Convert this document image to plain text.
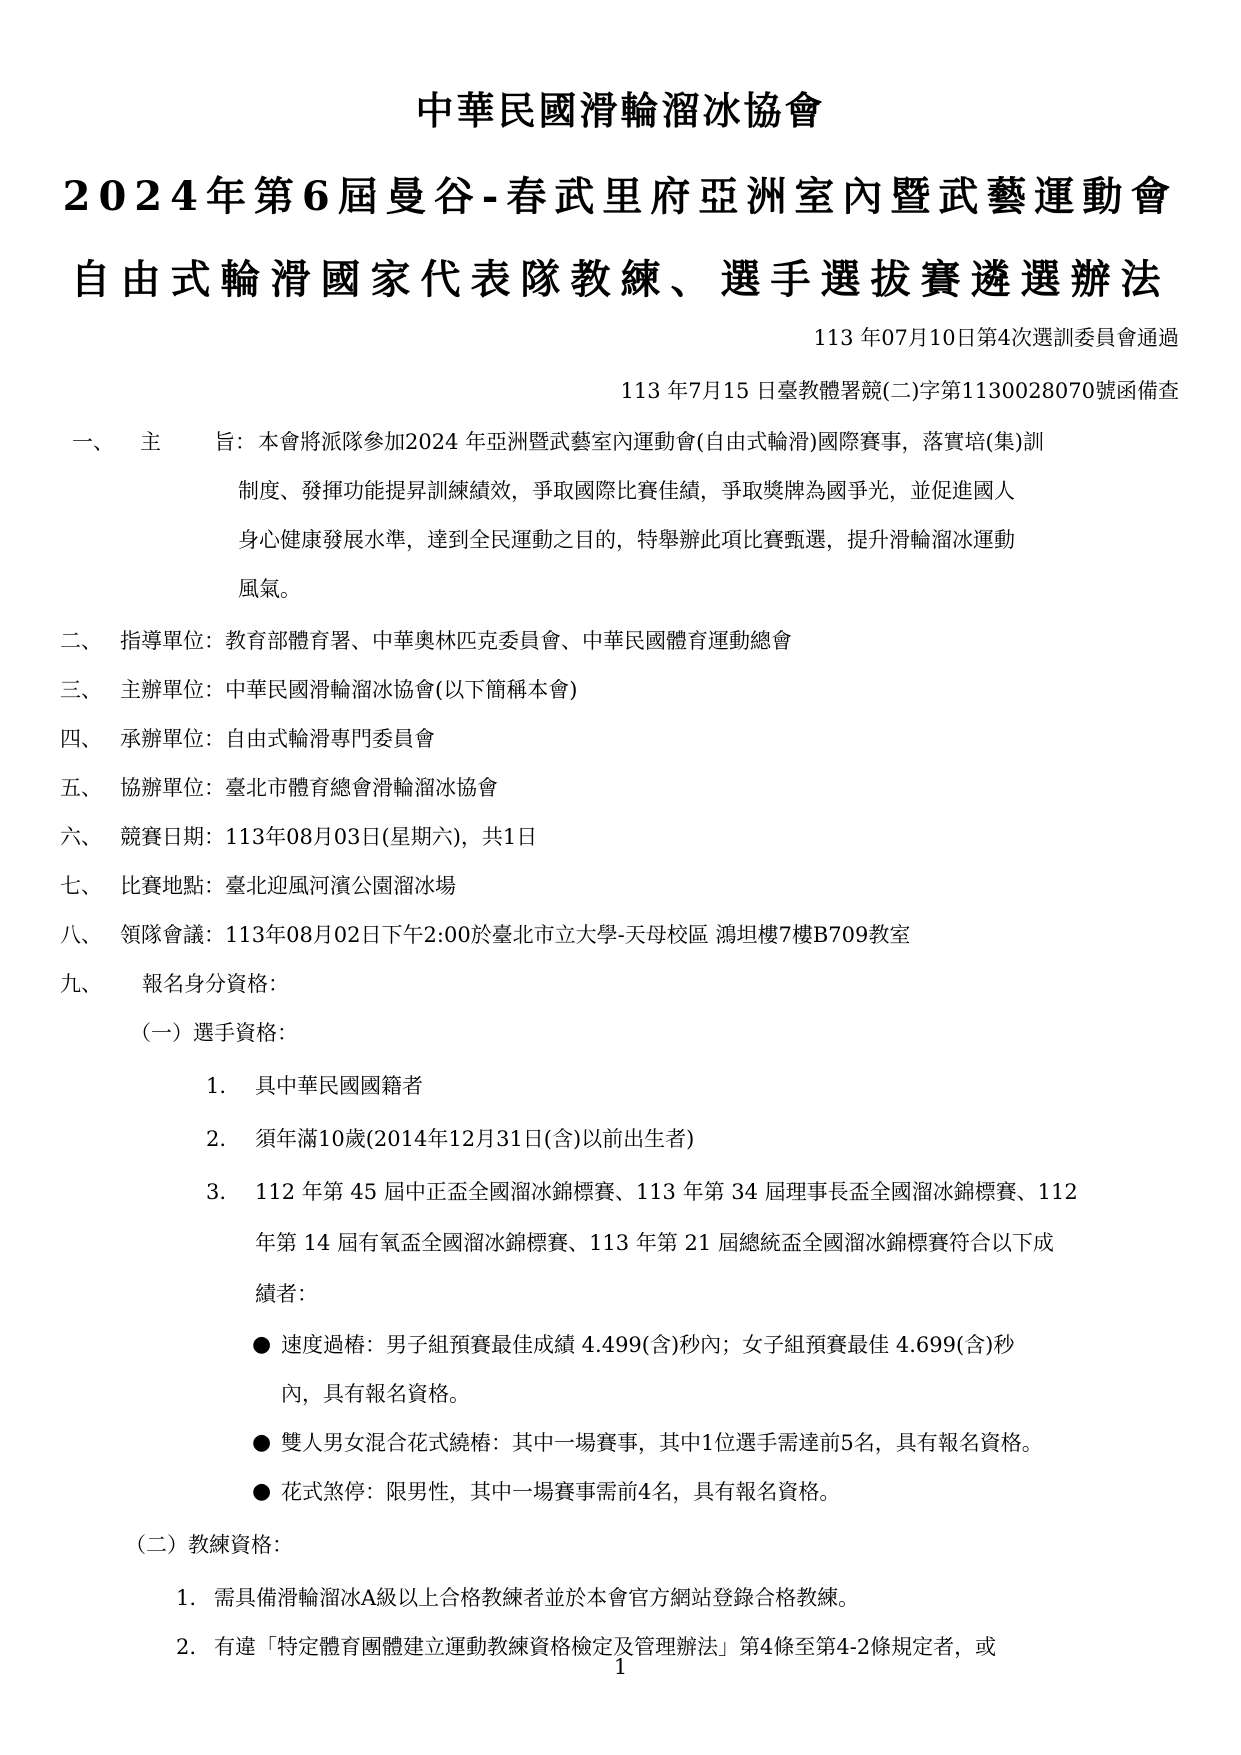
中華民國滑輪溜冰協會
2024年第6屆曼谷-春武里府亞洲室內暨武藝運動會
自由式輪滑國家代表隊教練、選手選拔賽遴選辦法
113 年07月10日第4次選訓委員會通過
113 年7月15 日臺教體署競(二)字第1130028070號函備查
一、 主	旨： 本會將派隊參加2024 年亞洲暨武藝室內運動會(自由式輪滑)國際賽事，落實培(集)訓
制度、發揮功能提昇訓練績效，爭取國際比賽佳績，爭取獎牌為國爭光，並促進國人
身心健康發展水準，達到全民運動之目的，特舉辦此項比賽甄選，提升滑輪溜冰運動
風氣。
二、 指導單位：教育部體育署、中華奧林匹克委員會、中華民國體育運動總會
三、 主辦單位：中華民國滑輪溜冰協會(以下簡稱本會)
四、 承辦單位：自由式輪滑專門委員會
五、 協辦單位：臺北市體育總會滑輪溜冰協會
六、 競賽日期：113年08月03日(星期六)，共1日
七、 比賽地點：臺北迎風河濱公園溜冰場
八、 領隊會議：113年08月02日下午2:00於臺北市立大學-天母校區 鴻坦樓7樓B709教室
九、 報名身分資格：
（一）選手資格：
1. 具中華民國國籍者
2. 須年滿10歲(2014年12月31日(含)以前出生者)
3. 112 年第 45 屆中正盃全國溜冰錦標賽、113 年第 34 屆理事長盃全國溜冰錦標賽、112
年第 14 屆有氧盃全國溜冰錦標賽、113 年第 21 屆總統盃全國溜冰錦標賽符合以下成
績者：
● 速度過樁：男子組預賽最佳成績 4.499(含)秒內；女子組預賽最佳 4.699(含)秒
內，具有報名資格。
● 雙人男女混合花式繞樁：其中一場賽事，其中1位選手需達前5名，具有報名資格。
● 花式煞停：限男性，其中一場賽事需前4名，具有報名資格。
（二）教練資格：
1. 需具備滑輪溜冰A級以上合格教練者並於本會官方網站登錄合格教練。
2. 有違「特定體育團體建立運動教練資格檢定及管理辦法」第4條至第4-2條規定者，或
1
